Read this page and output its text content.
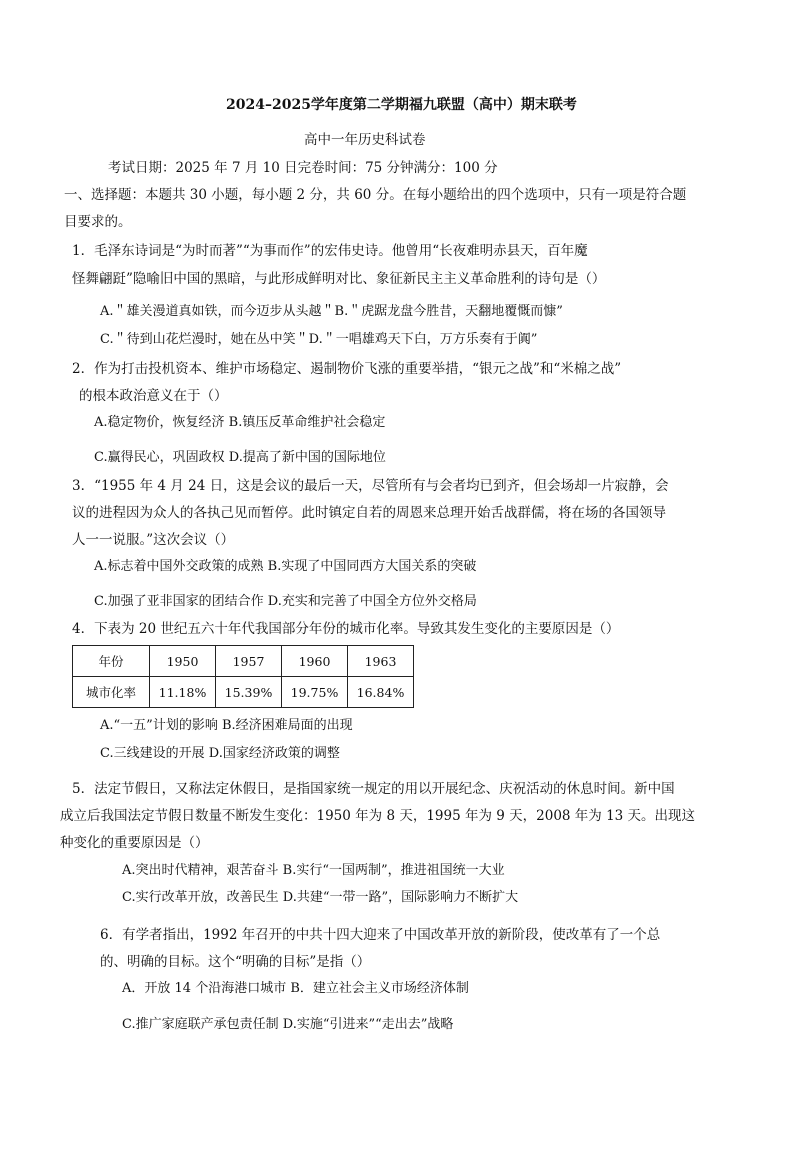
2024–2025学年度第二学期福九联盟（高中）期末联考
高中一年历史科试卷
考试日期：2025 年 7 月 10 日完卷时间：75 分钟满分：100 分
一、选择题：本题共 30 小题，每小题 2 分，共 60 分。在每小题给出的四个选项中，只有一项是符合题
目要求的。
1．毛泽东诗词是“为时而著”“为事而作”的宏伟史诗。他曾用“长夜难明赤县天，百年魔
怪舞翩跹”隐喻旧中国的黑暗，与此形成鲜明对比、象征新民主主义革命胜利的诗句是（）
A.＂雄关漫道真如铁，而今迈步从头越＂B.＂虎踞龙盘今胜昔，天翻地覆慨而慷”
C.＂待到山花烂漫时，她在丛中笑＂D.＂一唱雄鸡天下白，万方乐奏有于阗”
2．作为打击投机资本、维护市场稳定、遏制物价飞涨的重要举措，“银元之战”和“米棉之战”
的根本政治意义在于（）
A.稳定物价，恢复经济 B.镇压反革命维护社会稳定
C.赢得民心，巩固政权 D.提高了新中国的国际地位
3．“1955 年 4 月 24 日，这是会议的最后一天，尽管所有与会者均已到齐，但会场却一片寂静，会
议的进程因为众人的各执己见而暂停。此时镇定自若的周恩来总理开始舌战群儒，将在场的各国领导
人一一说服。”这次会议（）
A.标志着中国外交政策的成熟 B.实现了中国同西方大国关系的突破
C.加强了亚非国家的团结合作 D.充实和完善了中国全方位外交格局
4．下表为 20 世纪五六十年代我国部分年份的城市化率。导致其发生变化的主要原因是（）
年份	1950	1957	1960	1963
城市化率	11.18%	15.39%	19.75%	16.84%
A.“一五”计划的影响 B.经济困难局面的出现
C.三线建设的开展 D.国家经济政策的调整
5．法定节假日，又称法定休假日，是指国家统一规定的用以开展纪念、庆祝活动的休息时间。新中国
成立后我国法定节假日数量不断发生变化：1950 年为 8 天，1995 年为 9 天，2008 年为 13 天。出现这
种变化的重要原因是（）
A.突出时代精神，艰苦奋斗 B.实行“一国两制”，推进祖国统一大业
C.实行改革开放，改善民生 D.共建“一带一路”，国际影响力不断扩大
6．有学者指出，1992 年召开的中共十四大迎来了中国改革开放的新阶段，使改革有了一个总
的、明确的目标。这个“明确的目标”是指（）
A．开放 14 个沿海港口城市 B．建立社会主义市场经济体制
C.推广家庭联产承包责任制 D.实施“引进来”“走出去”战略
